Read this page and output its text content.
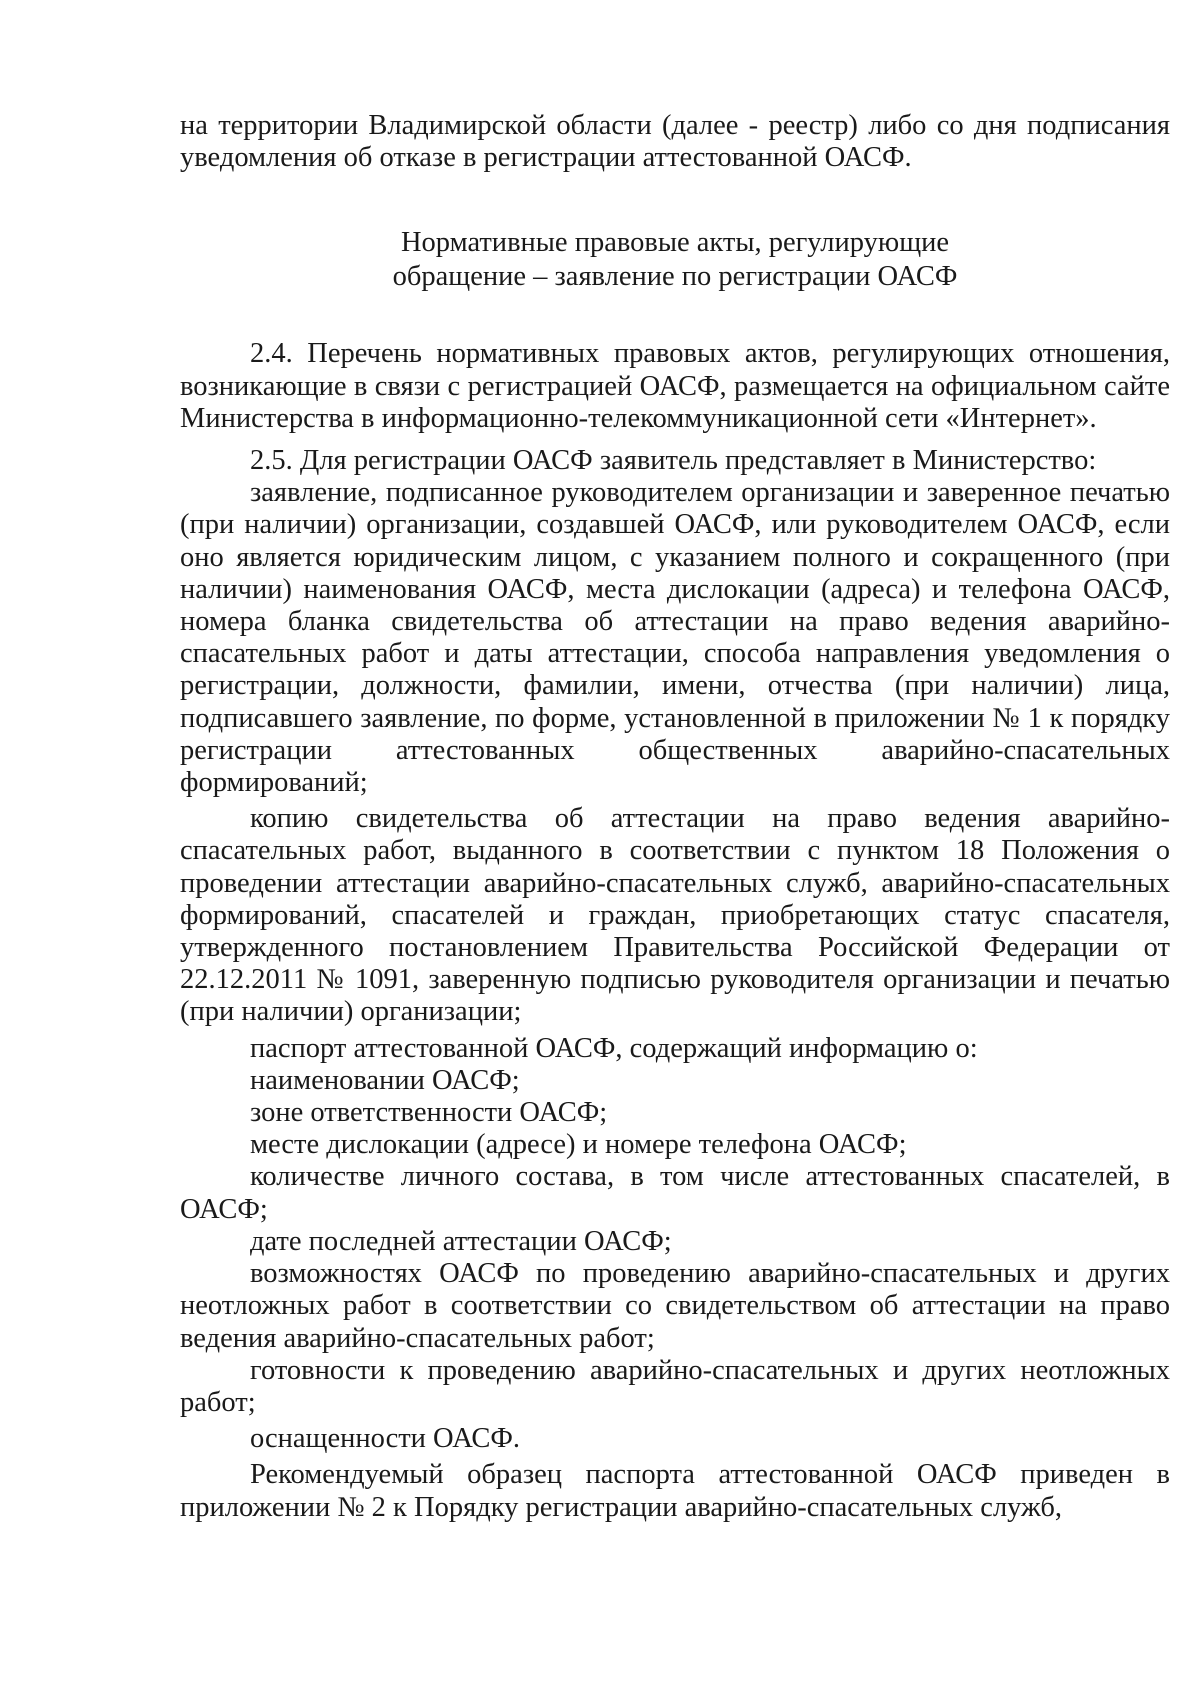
на территории Владимирской области (далее - реестр) либо со дня подписания уведомления об отказе в регистрации аттестованной ОАСФ.

Нормативные правовые акты, регулирующие
обращение – заявление по регистрации ОАСФ

2.4. Перечень нормативных правовых актов, регулирующих отношения, возникающие в связи с регистрацией ОАСФ, размещается на официальном сайте Министерства в информационно-телекоммуникационной сети «Интернет».

2.5. Для регистрации ОАСФ заявитель представляет в Министерство:

заявление, подписанное руководителем организации и заверенное печатью (при наличии) организации, создавшей ОАСФ, или руководителем ОАСФ, если оно является юридическим лицом, с указанием полного и сокращенного (при наличии) наименования ОАСФ, места дислокации (адреса) и телефона ОАСФ, номера бланка свидетельства об аттестации на право ведения аварийно-спасательных работ и даты аттестации, способа направления уведомления о регистрации, должности, фамилии, имени, отчества (при наличии) лица, подписавшего заявление, по форме, установленной в приложении № 1 к порядку регистрации аттестованных общественных аварийно-спасательных формирований;

копию свидетельства об аттестации на право ведения аварийно-спасательных работ, выданного в соответствии с пунктом 18 Положения о проведении аттестации аварийно-спасательных служб, аварийно-спасательных формирований, спасателей и граждан, приобретающих статус спасателя, утвержденного постановлением Правительства Российской Федерации от 22.12.2011 № 1091, заверенную подписью руководителя организации и печатью (при наличии) организации;

паспорт аттестованной ОАСФ, содержащий информацию о:

наименовании ОАСФ;

зоне ответственности ОАСФ;

месте дислокации (адресе) и номере телефона ОАСФ;

количестве личного состава, в том числе аттестованных спасателей, в ОАСФ;

дате последней аттестации ОАСФ;

возможностях ОАСФ по проведению аварийно-спасательных и других неотложных работ в соответствии со свидетельством об аттестации на право ведения аварийно-спасательных работ;

готовности к проведению аварийно-спасательных и других неотложных работ;

оснащенности ОАСФ.

Рекомендуемый образец паспорта аттестованной ОАСФ приведен в приложении № 2 к Порядку регистрации аварийно-спасательных служб,
